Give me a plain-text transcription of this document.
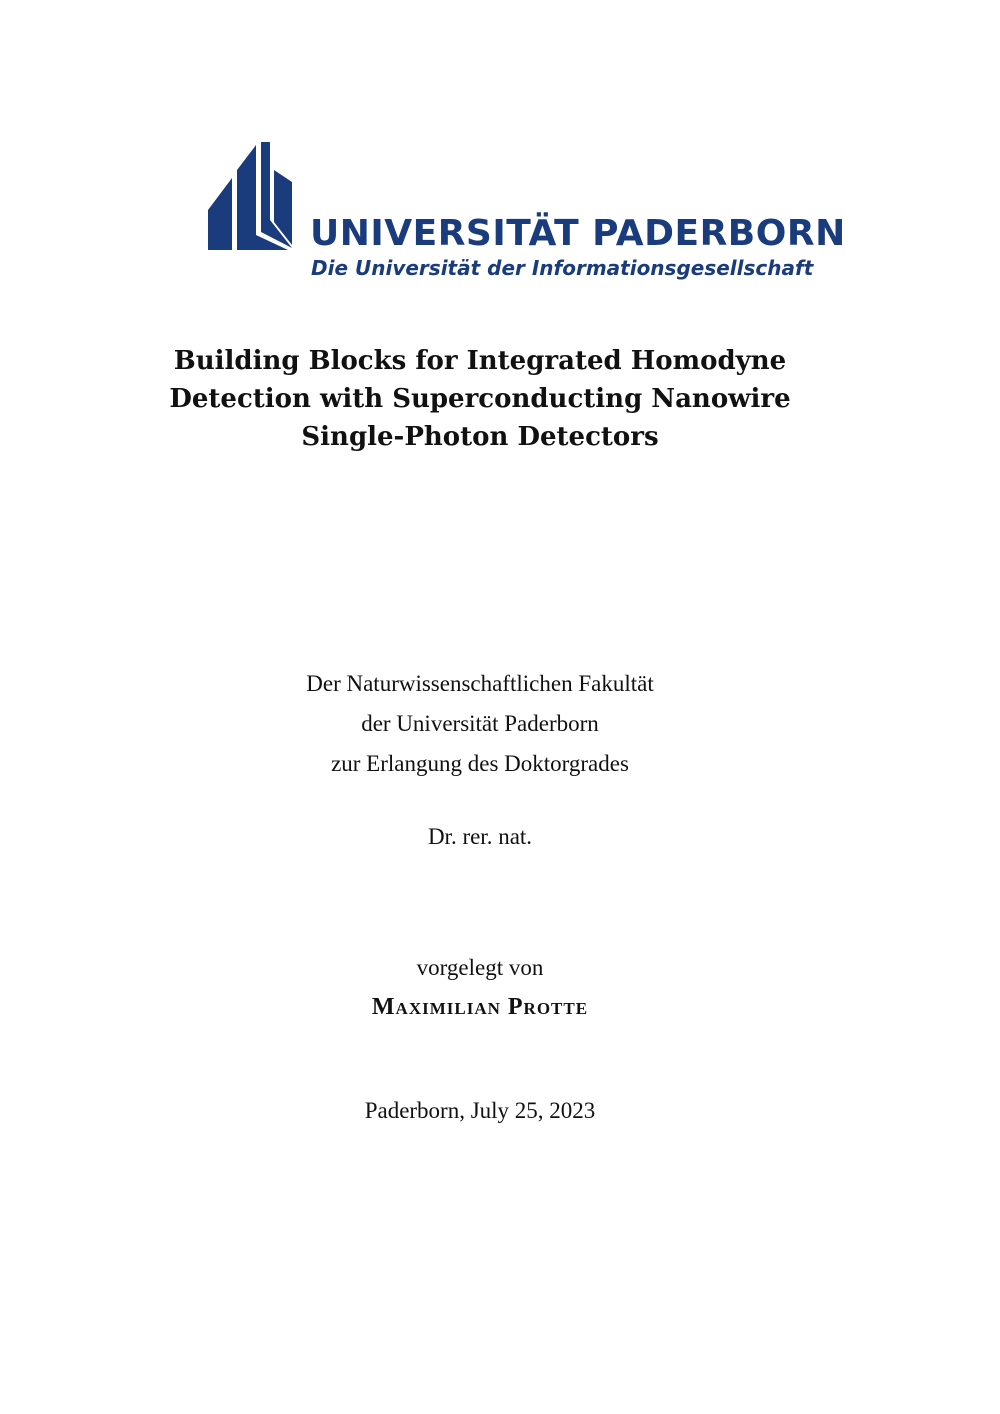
UNIVERSITÄT PADERBORN
Die Universität der Informationsgesellschaft
Building Blocks for Integrated Homodyne
Detection with Superconducting Nanowire
Single-Photon Detectors
Der Naturwissenschaftlichen Fakultät
der Universität Paderborn
zur Erlangung des Doktorgrades
Dr. rer. nat.
vorgelegt von
Maximilian Protte
Paderborn, July 25, 2023
